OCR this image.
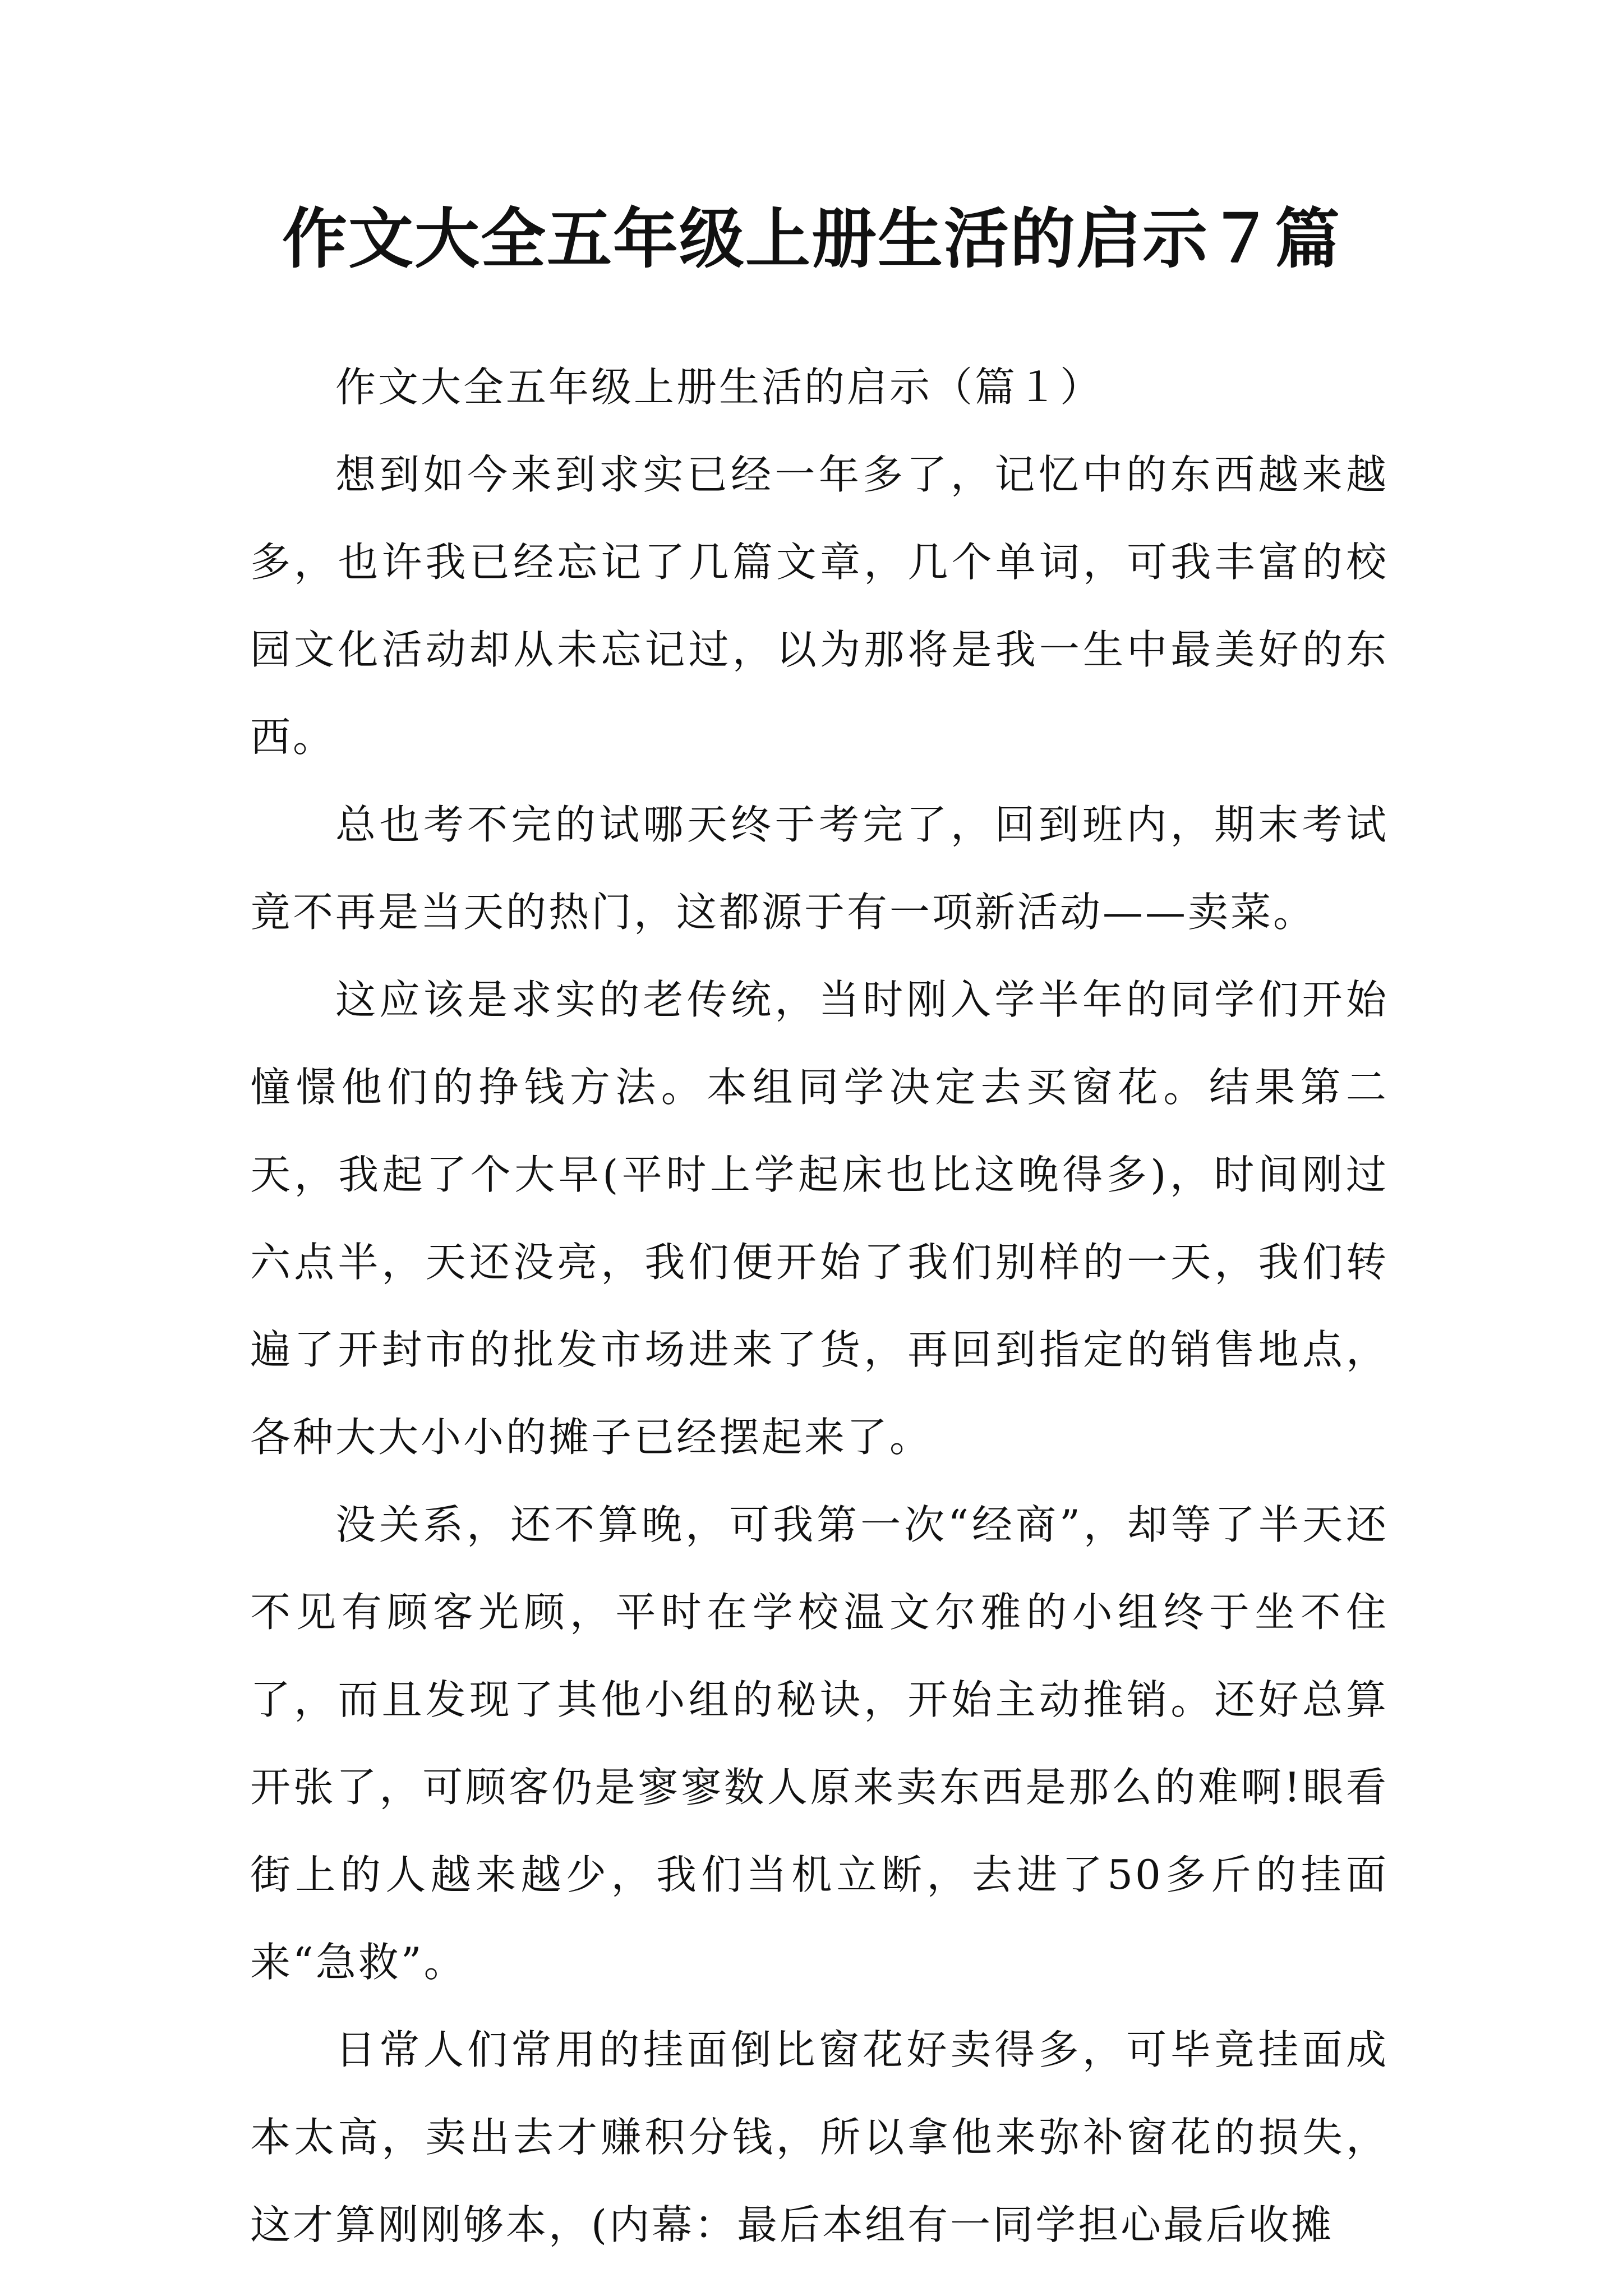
作文大全五年级上册生活的启示７篇

作文大全五年级上册生活的启示（篇１）

想到如今来到求实已经一年多了，记忆中的东西越来越多，也许我已经忘记了几篇文章，几个单词，可我丰富的校园文化活动却从未忘记过，以为那将是我一生中最美好的东西。

总也考不完的试哪天终于考完了，回到班内，期末考试竟不再是当天的热门，这都源于有一项新活动——卖菜。

这应该是求实的老传统，当时刚入学半年的同学们开始憧憬他们的挣钱方法。本组同学决定去买窗花。结果第二天，我起了个大早(平时上学起床也比这晚得多)，时间刚过六点半，天还没亮，我们便开始了我们别样的一天，我们转遍了开封市的批发市场进来了货，再回到指定的销售地点，各种大大小小的摊子已经摆起来了。

没关系，还不算晚，可我第一次“经商”，却等了半天还不见有顾客光顾，平时在学校温文尔雅的小组终于坐不住了，而且发现了其他小组的秘诀，开始主动推销。还好总算开张了，可顾客仍是寥寥数人原来卖东西是那么的难啊!眼看街上的人越来越少，我们当机立断，去进了50多斤的挂面来“急救”。

日常人们常用的挂面倒比窗花好卖得多，可毕竟挂面成本太高，卖出去才赚积分钱，所以拿他来弥补窗花的损失，这才算刚刚够本，(内幕：最后本组有一同学担心最后收摊
